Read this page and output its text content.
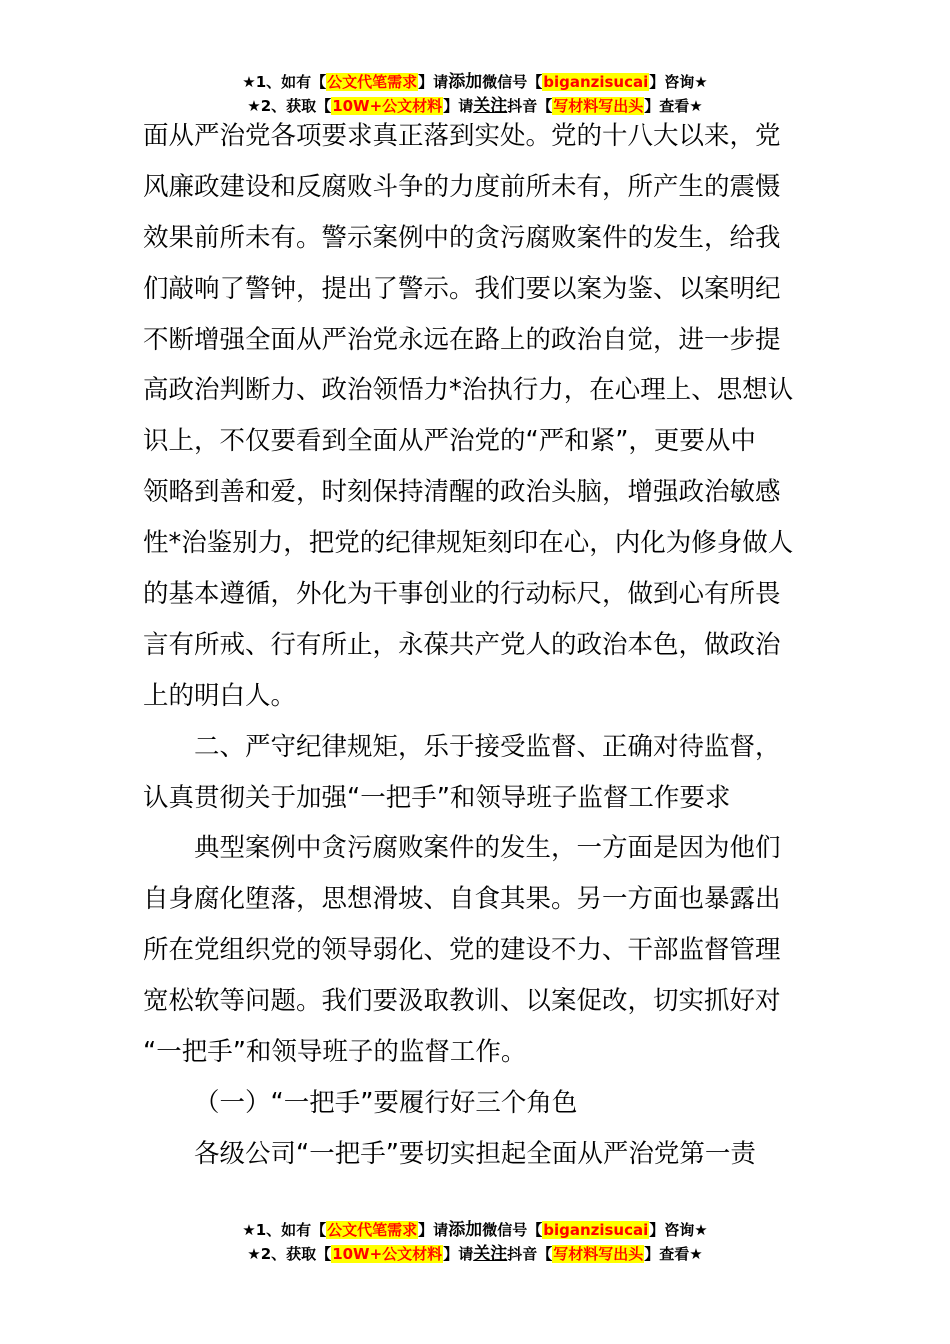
★1、如有【公文代笔需求】请添加微信号【biganzisucai】咨询★
★2、获取【10W+公文材料】请关注抖音【写材料写出头】查看★
面从严治党各项要求真正落到实处。党的十八大以来，党
风廉政建设和反腐败斗争的力度前所未有，所产生的震慑
效果前所未有。警示案例中的贪污腐败案件的发生，给我
们敲响了警钟，提出了警示。我们要以案为鉴、以案明纪
不断增强全面从严治党永远在路上的政治自觉，进一步提
高政治判断力、政治领悟力*治执行力，在心理上、思想认
识上，不仅要看到全面从严治党的“严和紧”，更要从中
领略到善和爱，时刻保持清醒的政治头脑，增强政治敏感
性*治鉴别力，把党的纪律规矩刻印在心，内化为修身做人
的基本遵循，外化为干事创业的行动标尺，做到心有所畏
言有所戒、行有所止，永葆共产党人的政治本色，做政治
上的明白人。
二、严守纪律规矩，乐于接受监督、正确对待监督，
认真贯彻关于加强“一把手”和领导班子监督工作要求
典型案例中贪污腐败案件的发生，一方面是因为他们
自身腐化堕落，思想滑坡、自食其果。另一方面也暴露出
所在党组织党的领导弱化、党的建设不力、干部监督管理
宽松软等问题。我们要汲取教训、以案促改，切实抓好对
“一把手”和领导班子的监督工作。
（一）“一把手”要履行好三个角色
各级公司“一把手”要切实担起全面从严治党第一责
★1、如有【公文代笔需求】请添加微信号【biganzisucai】咨询★
★2、获取【10W+公文材料】请关注抖音【写材料写出头】查看★
